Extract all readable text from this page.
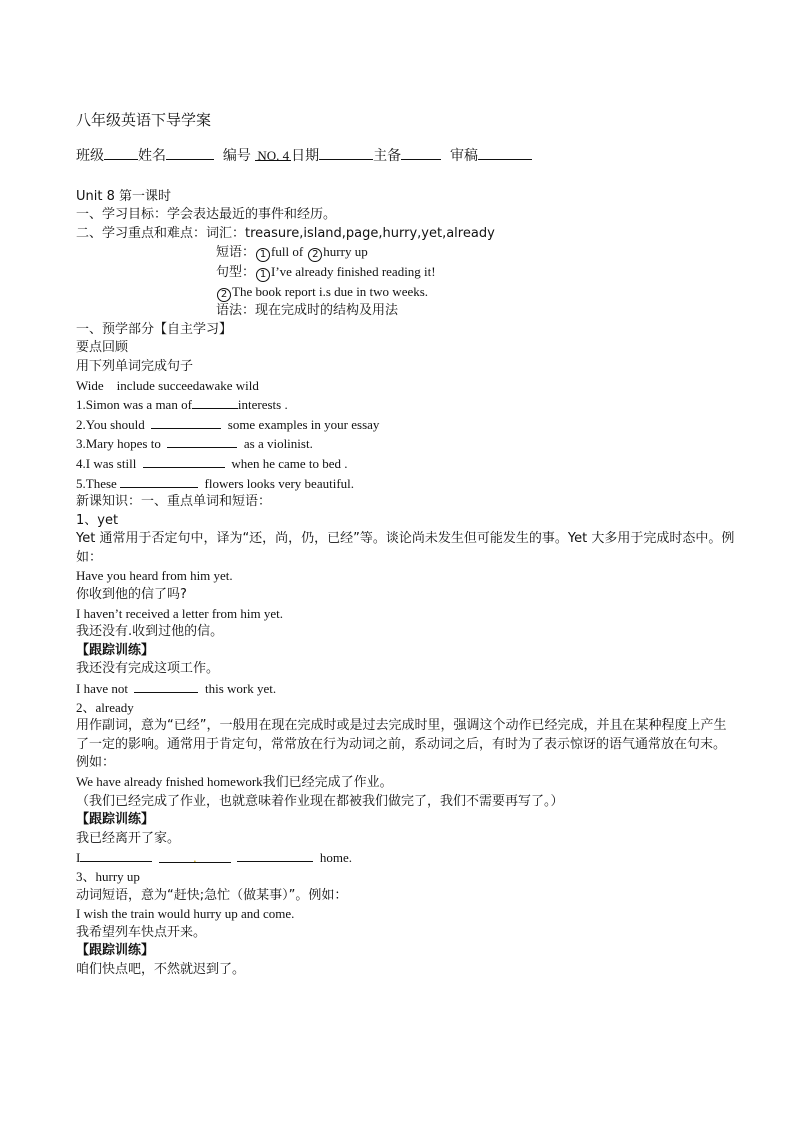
八年级英语下导学案
班级 姓名	编号 NO. 4 日期	主备	审稿
Unit 8 第一课时
一、学习目标：学会表达最近的事件和经历。
二、学习重点和难点：词汇：treasure,island,page,hurry,yet,already
短语： 1 full of 2 hurry up
句型： 1 I’ve already finished reading it!
2 The book report i.s due in two weeks.
语法：现在完成时的结构及用法
一、预学部分【自主学习】
要点回顾
用下列单词完成句子
Wide    include succeedawake wild
1.Simon was a man of	interests .
2.You should	some examples in your essay
3.Mary hopes to	as a violinist.
4.I was still	when he came to bed .
5.These	flowers looks very beautiful.
新课知识：一、重点单词和短语：
1、yet
Yet 通常用于否定句中，译为“还，尚，仍，已经”等。谈论尚未发生但可能发生的事。Yet 大多用于完成时态中。例如：
Have you heard from him yet.
你收到他的信了吗?
I haven’t received a letter from him yet.
我还没有.收到过他的信。
【跟踪训练】
我还没有完成这项工作。
I have not	this work yet.
2、already
用作副词，意为“已经”，一般用在现在完成时或是过去完成时里，强调这个动作已经完成，并且在某种程度上产生了一定的影响。通常用于肯定句，常常放在行为动词之前，系动词之后，有时为了表示惊讶的语气通常放在句末。
例如：
We have already fnished homework我们已经完成了作业。
（我们已经完成了作业，也就意味着作业现在都被我们做完了，我们不需要再写了。）
【跟踪训练】
我已经离开了家。
I	.	home.
3、hurry up
动词短语，意为“赶快;急忙（做某事）”。例如：
I wish the train would hurry up and come.
我希望列车快点开来。
【跟踪训练】
咱们快点吧，不然就迟到了。
